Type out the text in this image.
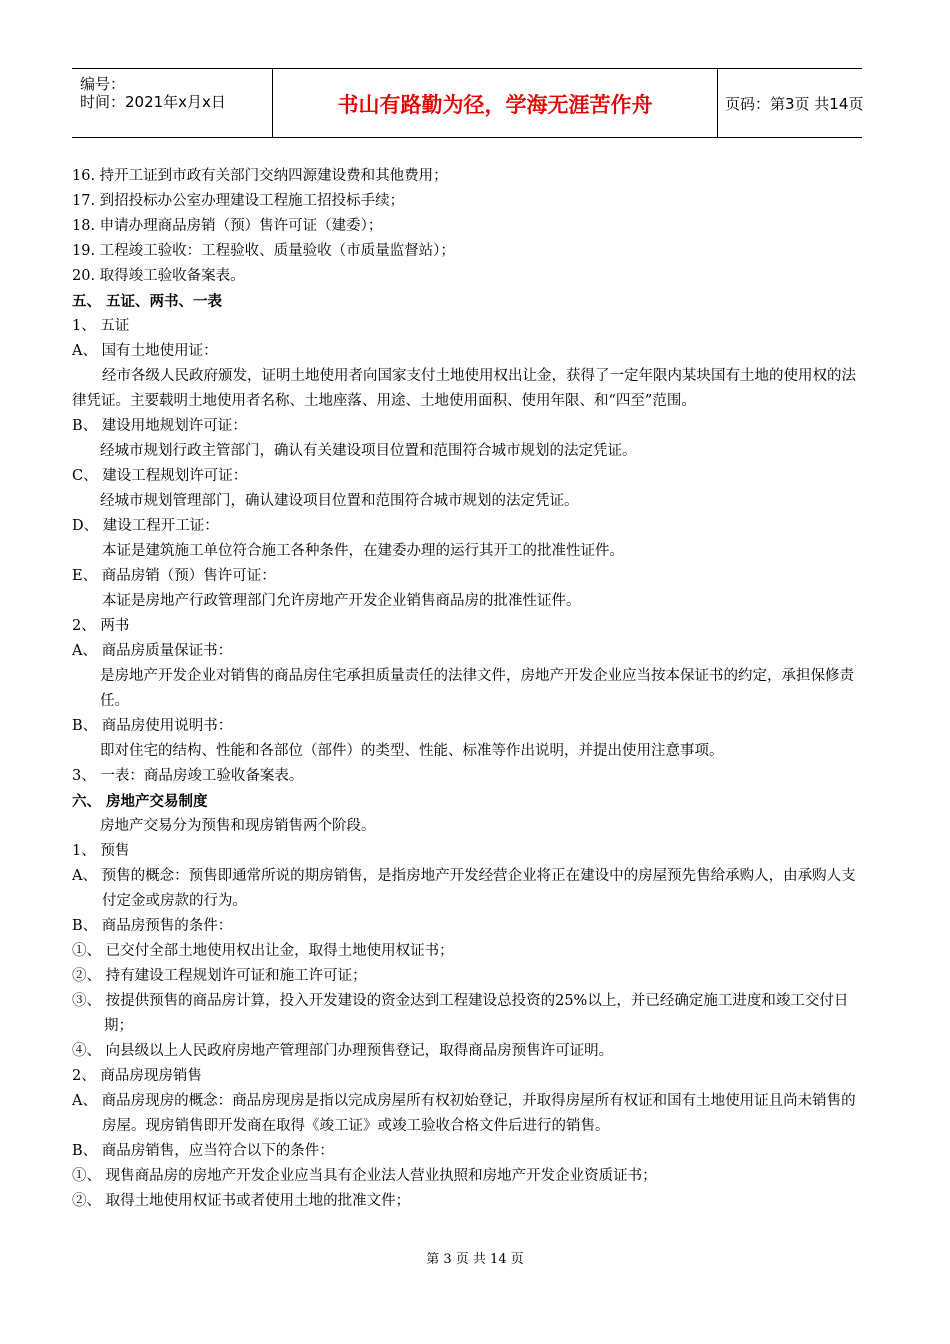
编号：
时间：2021年x月x日	书山有路勤为径，学海无涯苦作舟	页码：第3页 共14页
16. 持开工证到市政有关部门交纳四源建设费和其他费用；
17. 到招投标办公室办理建设工程施工招投标手续；
18. 申请办理商品房销（预）售许可证（建委）；
19. 工程竣工验收：工程验收、质量验收（市质量监督站）；
20. 取得竣工验收备案表。
五、 五证、两书、一表
1、 五证
A、 国有土地使用证：
经市各级人民政府颁发，证明土地使用者向国家支付土地使用权出让金，获得了一定年限内某块国有土地的使用权的法律凭证。主要载明土地使用者名称、土地座落、用途、土地使用面积、使用年限、和“四至”范围。
B、 建设用地规划许可证：
经城市规划行政主管部门，确认有关建设项目位置和范围符合城市规划的法定凭证。
C、 建设工程规划许可证：
经城市规划管理部门，确认建设项目位置和范围符合城市规划的法定凭证。
D、 建设工程开工证：
本证是建筑施工单位符合施工各种条件，在建委办理的运行其开工的批准性证件。
E、 商品房销（预）售许可证：
本证是房地产行政管理部门允许房地产开发企业销售商品房的批准性证件。
2、 两书
A、 商品房质量保证书：
是房地产开发企业对销售的商品房住宅承担质量责任的法律文件，房地产开发企业应当按本保证书的约定，承担保修责任。
B、 商品房使用说明书：
即对住宅的结构、性能和各部位（部件）的类型、性能、标准等作出说明，并提出使用注意事项。
3、 一表：商品房竣工验收备案表。
六、 房地产交易制度
房地产交易分为预售和现房销售两个阶段。
1、 预售
A、 预售的概念：预售即通常所说的期房销售，是指房地产开发经营企业将正在建设中的房屋预先售给承购人，由承购人支付定金或房款的行为。
B、 商品房预售的条件：
①、 已交付全部土地使用权出让金，取得土地使用权证书；
②、 持有建设工程规划许可证和施工许可证；
③、 按提供预售的商品房计算，投入开发建设的资金达到工程建设总投资的25%以上，并已经确定施工进度和竣工交付日期；
④、 向县级以上人民政府房地产管理部门办理预售登记，取得商品房预售许可证明。
2、 商品房现房销售
A、 商品房现房的概念：商品房现房是指以完成房屋所有权初始登记，并取得房屋所有权证和国有土地使用证且尚未销售的房屋。现房销售即开发商在取得《竣工证》或竣工验收合格文件后进行的销售。
B、 商品房销售，应当符合以下的条件：
①、 现售商品房的房地产开发企业应当具有企业法人营业执照和房地产开发企业资质证书；
②、 取得土地使用权证书或者使用土地的批准文件；
第 3 页 共 14 页
